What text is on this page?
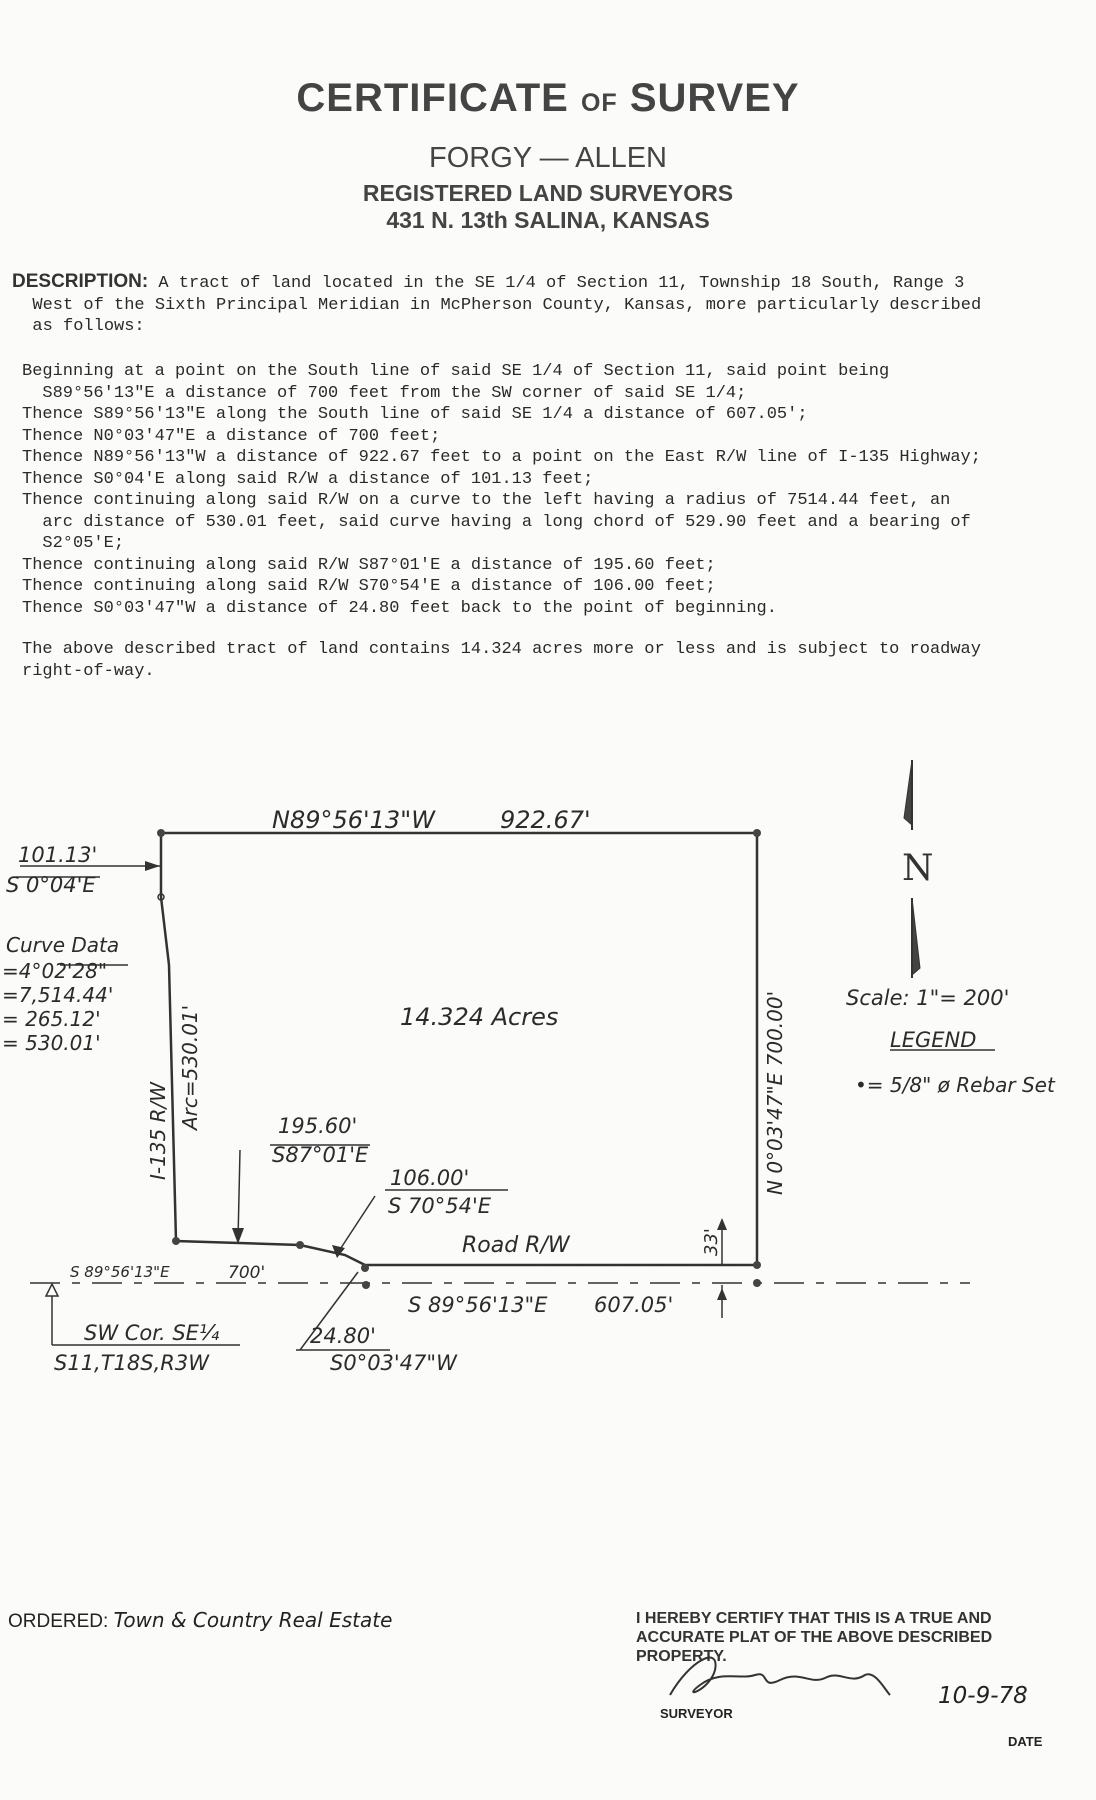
CERTIFICATE OF SURVEY
FORGY — ALLEN
REGISTERED LAND SURVEYORS
431 N. 13th SALINA, KANSAS
DESCRIPTION: A tract of land located in the SE 1/4 of Section 11, Township 18 South, Range 3
West of the Sixth Principal Meridian in McPherson County, Kansas, more particularly described
as follows:
Beginning at a point on the South line of said SE 1/4 of Section 11, said point being
S89°56'13"E a distance of 700 feet from the SW corner of said SE 1/4;
Thence S89°56'13"E along the South line of said SE 1/4 a distance of 607.05';
Thence N0°03'47"E a distance of 700 feet;
Thence N89°56'13"W a distance of 922.67 feet to a point on the East R/W line of I-135 Highway;
Thence S0°04'E along said R/W a distance of 101.13 feet;
Thence continuing along said R/W on a curve to the left having a radius of 7514.44 feet, an
arc distance of 530.01 feet, said curve having a long chord of 529.90 feet and a bearing of
S2°05'E;
Thence continuing along said R/W S87°01'E a distance of 195.60 feet;
Thence continuing along said R/W S70°54'E a distance of 106.00 feet;
Thence S0°03'47"W a distance of 24.80 feet back to the point of beginning.
The above described tract of land contains 14.324 acres more or less and is subject to roadway
right-of-way.
N
N89°56'13"W	922.67'
101.13'
S 0°04'E
Curve Data
=4°02'28"
=7,514.44'
= 265.12'
= 530.01'	Arc=530.01'
I-135 R/W	N 0°03'47"E 700.00'
14.324 Acres
195.60'
S87°01'E
106.00'
S 70°54'E
Road R/W	33'
S 89°56'13"E	700'
S 89°56'13"E 607.05'
24.80'
S0°03'47"W
SW Cor. SE¼
S11,T18S,R3W
Scale: 1"= 200'
LEGEND
•= 5/8" ø Rebar Set
ORDERED: Town & Country Real Estate	I HEREBY CERTIFY THAT THIS IS A TRUE AND ACCURATE PLAT OF THE ABOVE DESCRIBED PROPERTY.
SURVEYOR
10-9-78
DATE
